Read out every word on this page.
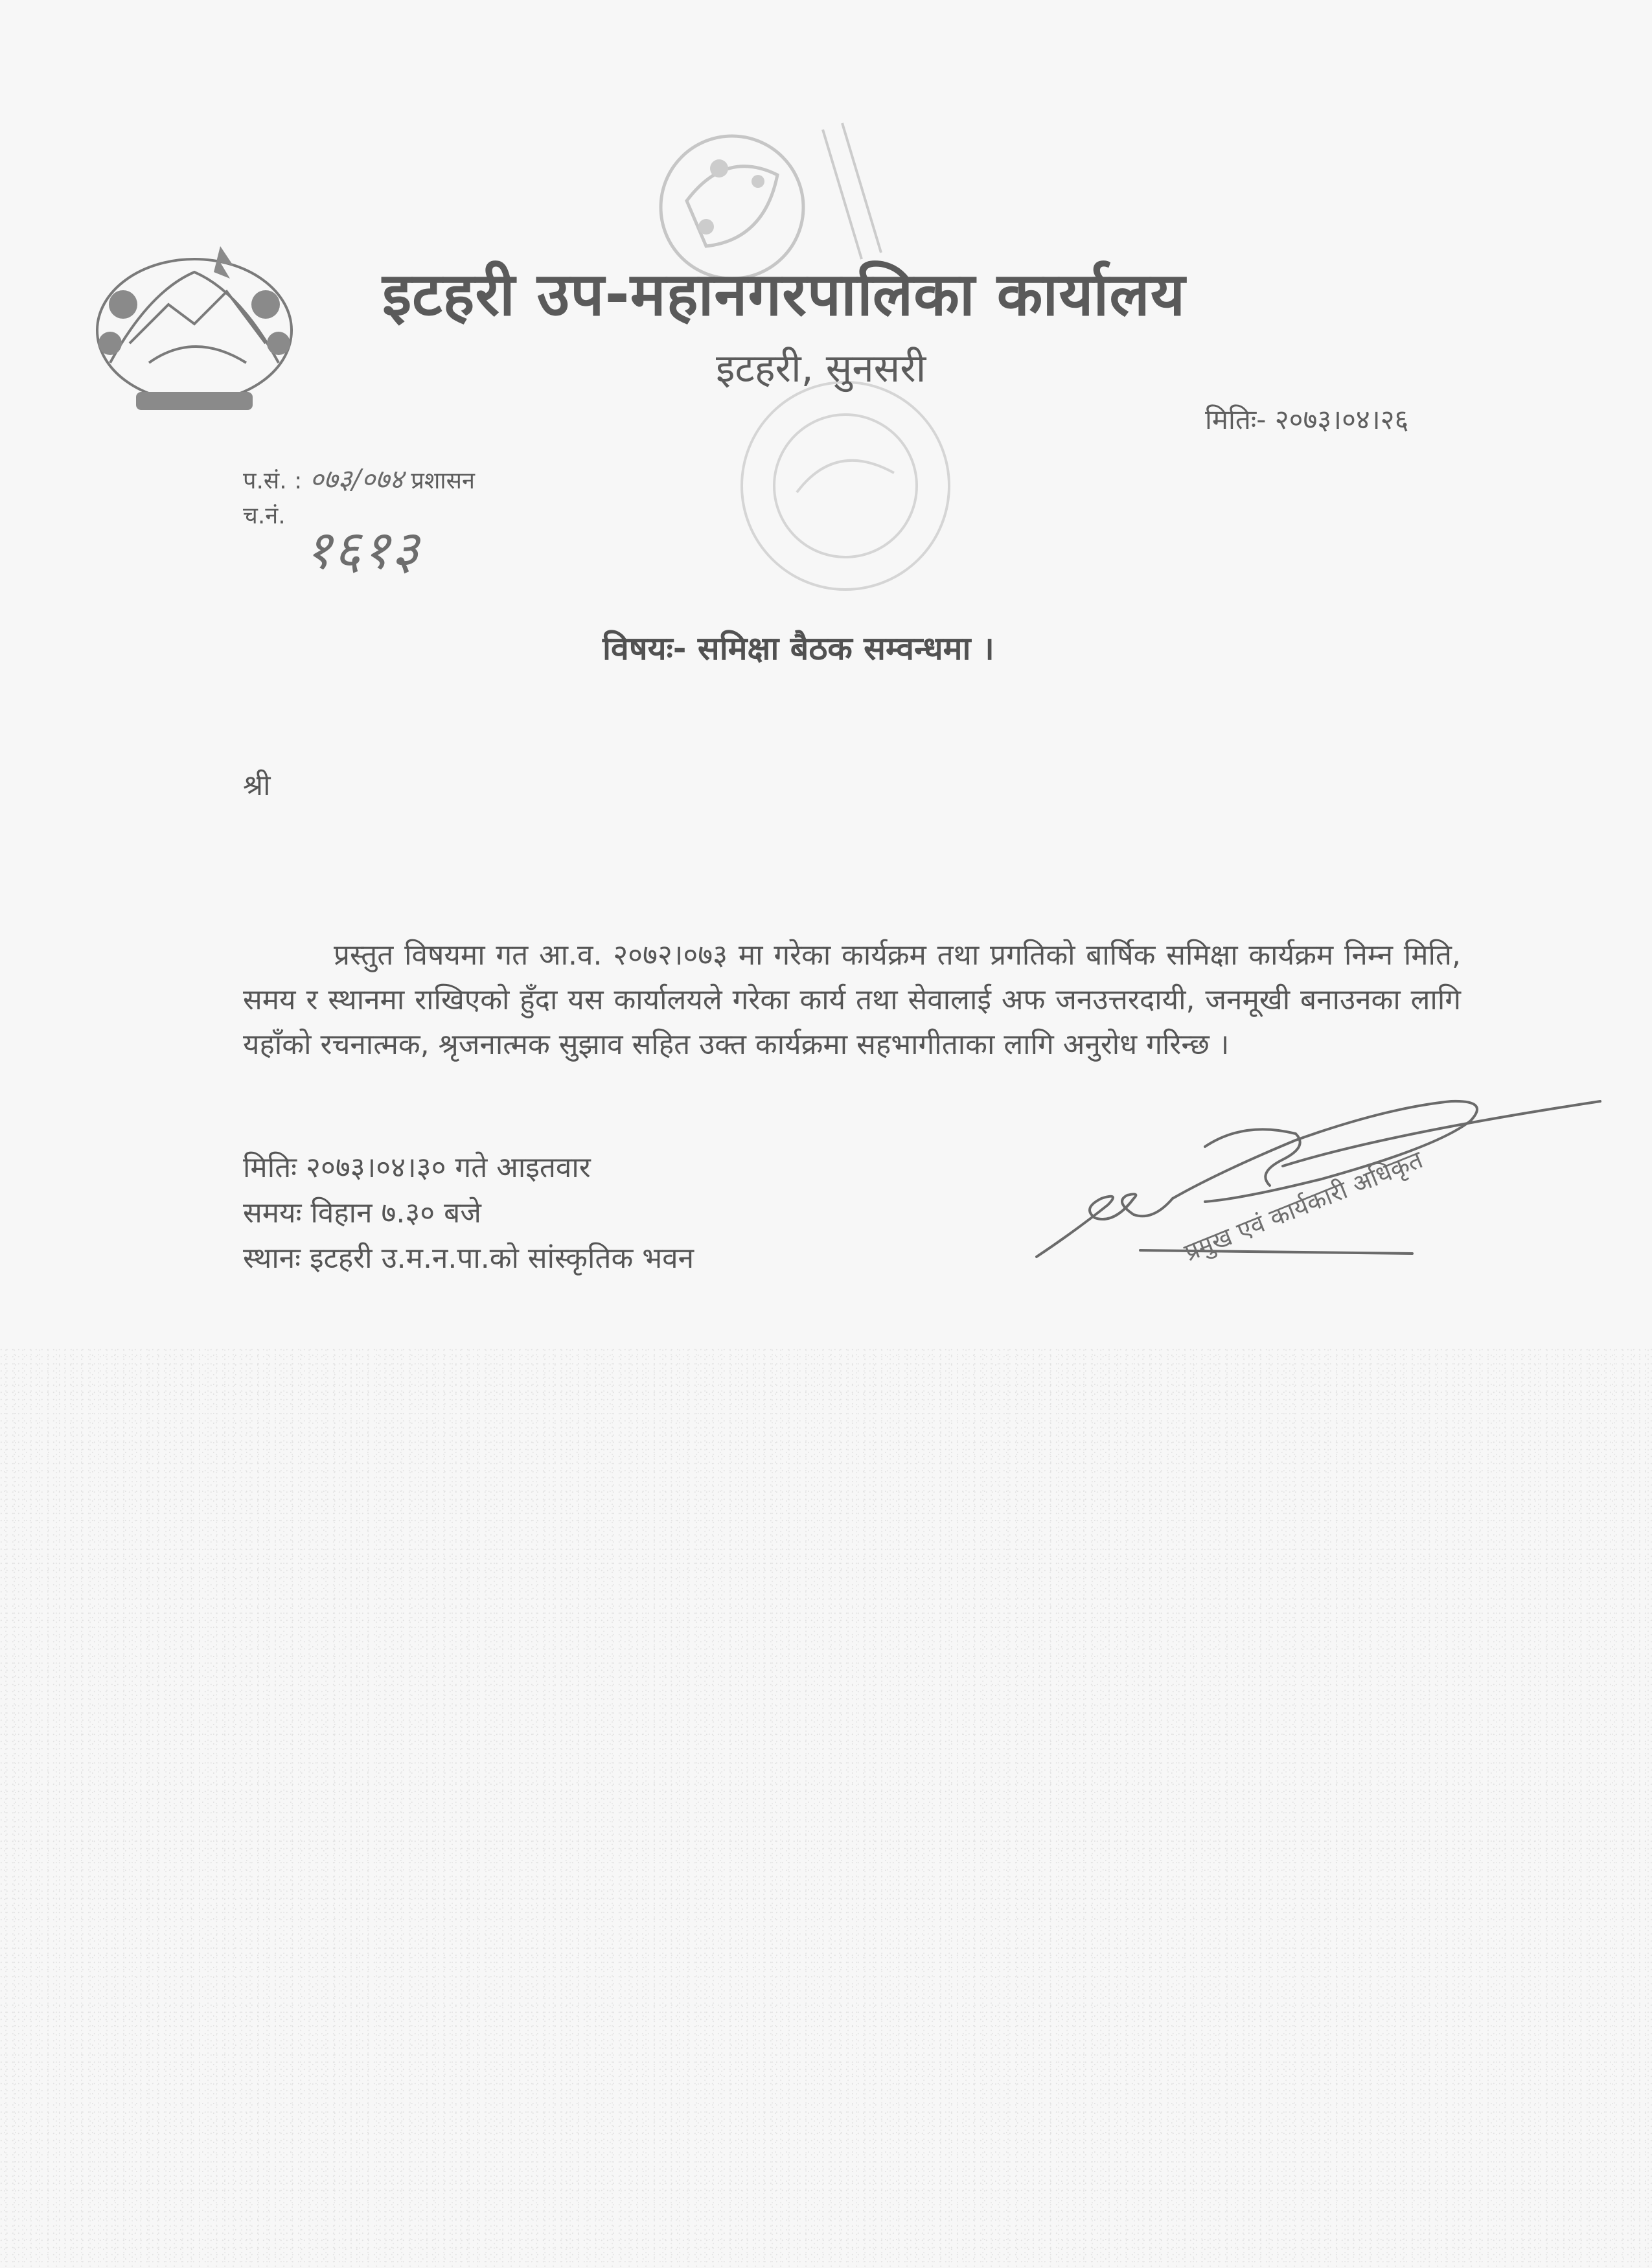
इटहरी उप-महानगरपालिका कार्यालय
इटहरी, सुनसरी
मितिः- २०७३।०४।२६
प.सं. : ०७३/०७४ प्रशासन
च.नं.
१६१३
विषयः- समिक्षा बैठक सम्वन्धमा ।
श्री
प्रस्तुत विषयमा गत आ.व. २०७२।०७३ मा गरेका कार्यक्रम तथा प्रगतिको बार्षिक समिक्षा कार्यक्रम निम्न मिति, समय र स्थानमा राखिएको हुँदा यस कार्यालयले गरेका कार्य तथा सेवालाई अफ जनउत्तरदायी, जनमूखी बनाउनका लागि यहाँको रचनात्मक, श्रृजनात्मक सुझाव सहित उक्त कार्यक्रमा सहभागीताका लागि अनुरोध गरिन्छ ।
मितिः २०७३।०४।३० गते आइतवार
समयः विहान ७.३० बजे
स्थानः इटहरी उ.म.न.पा.को सांस्कृतिक भवन	प्रमुख एवं कार्यकारी अधिकृत
